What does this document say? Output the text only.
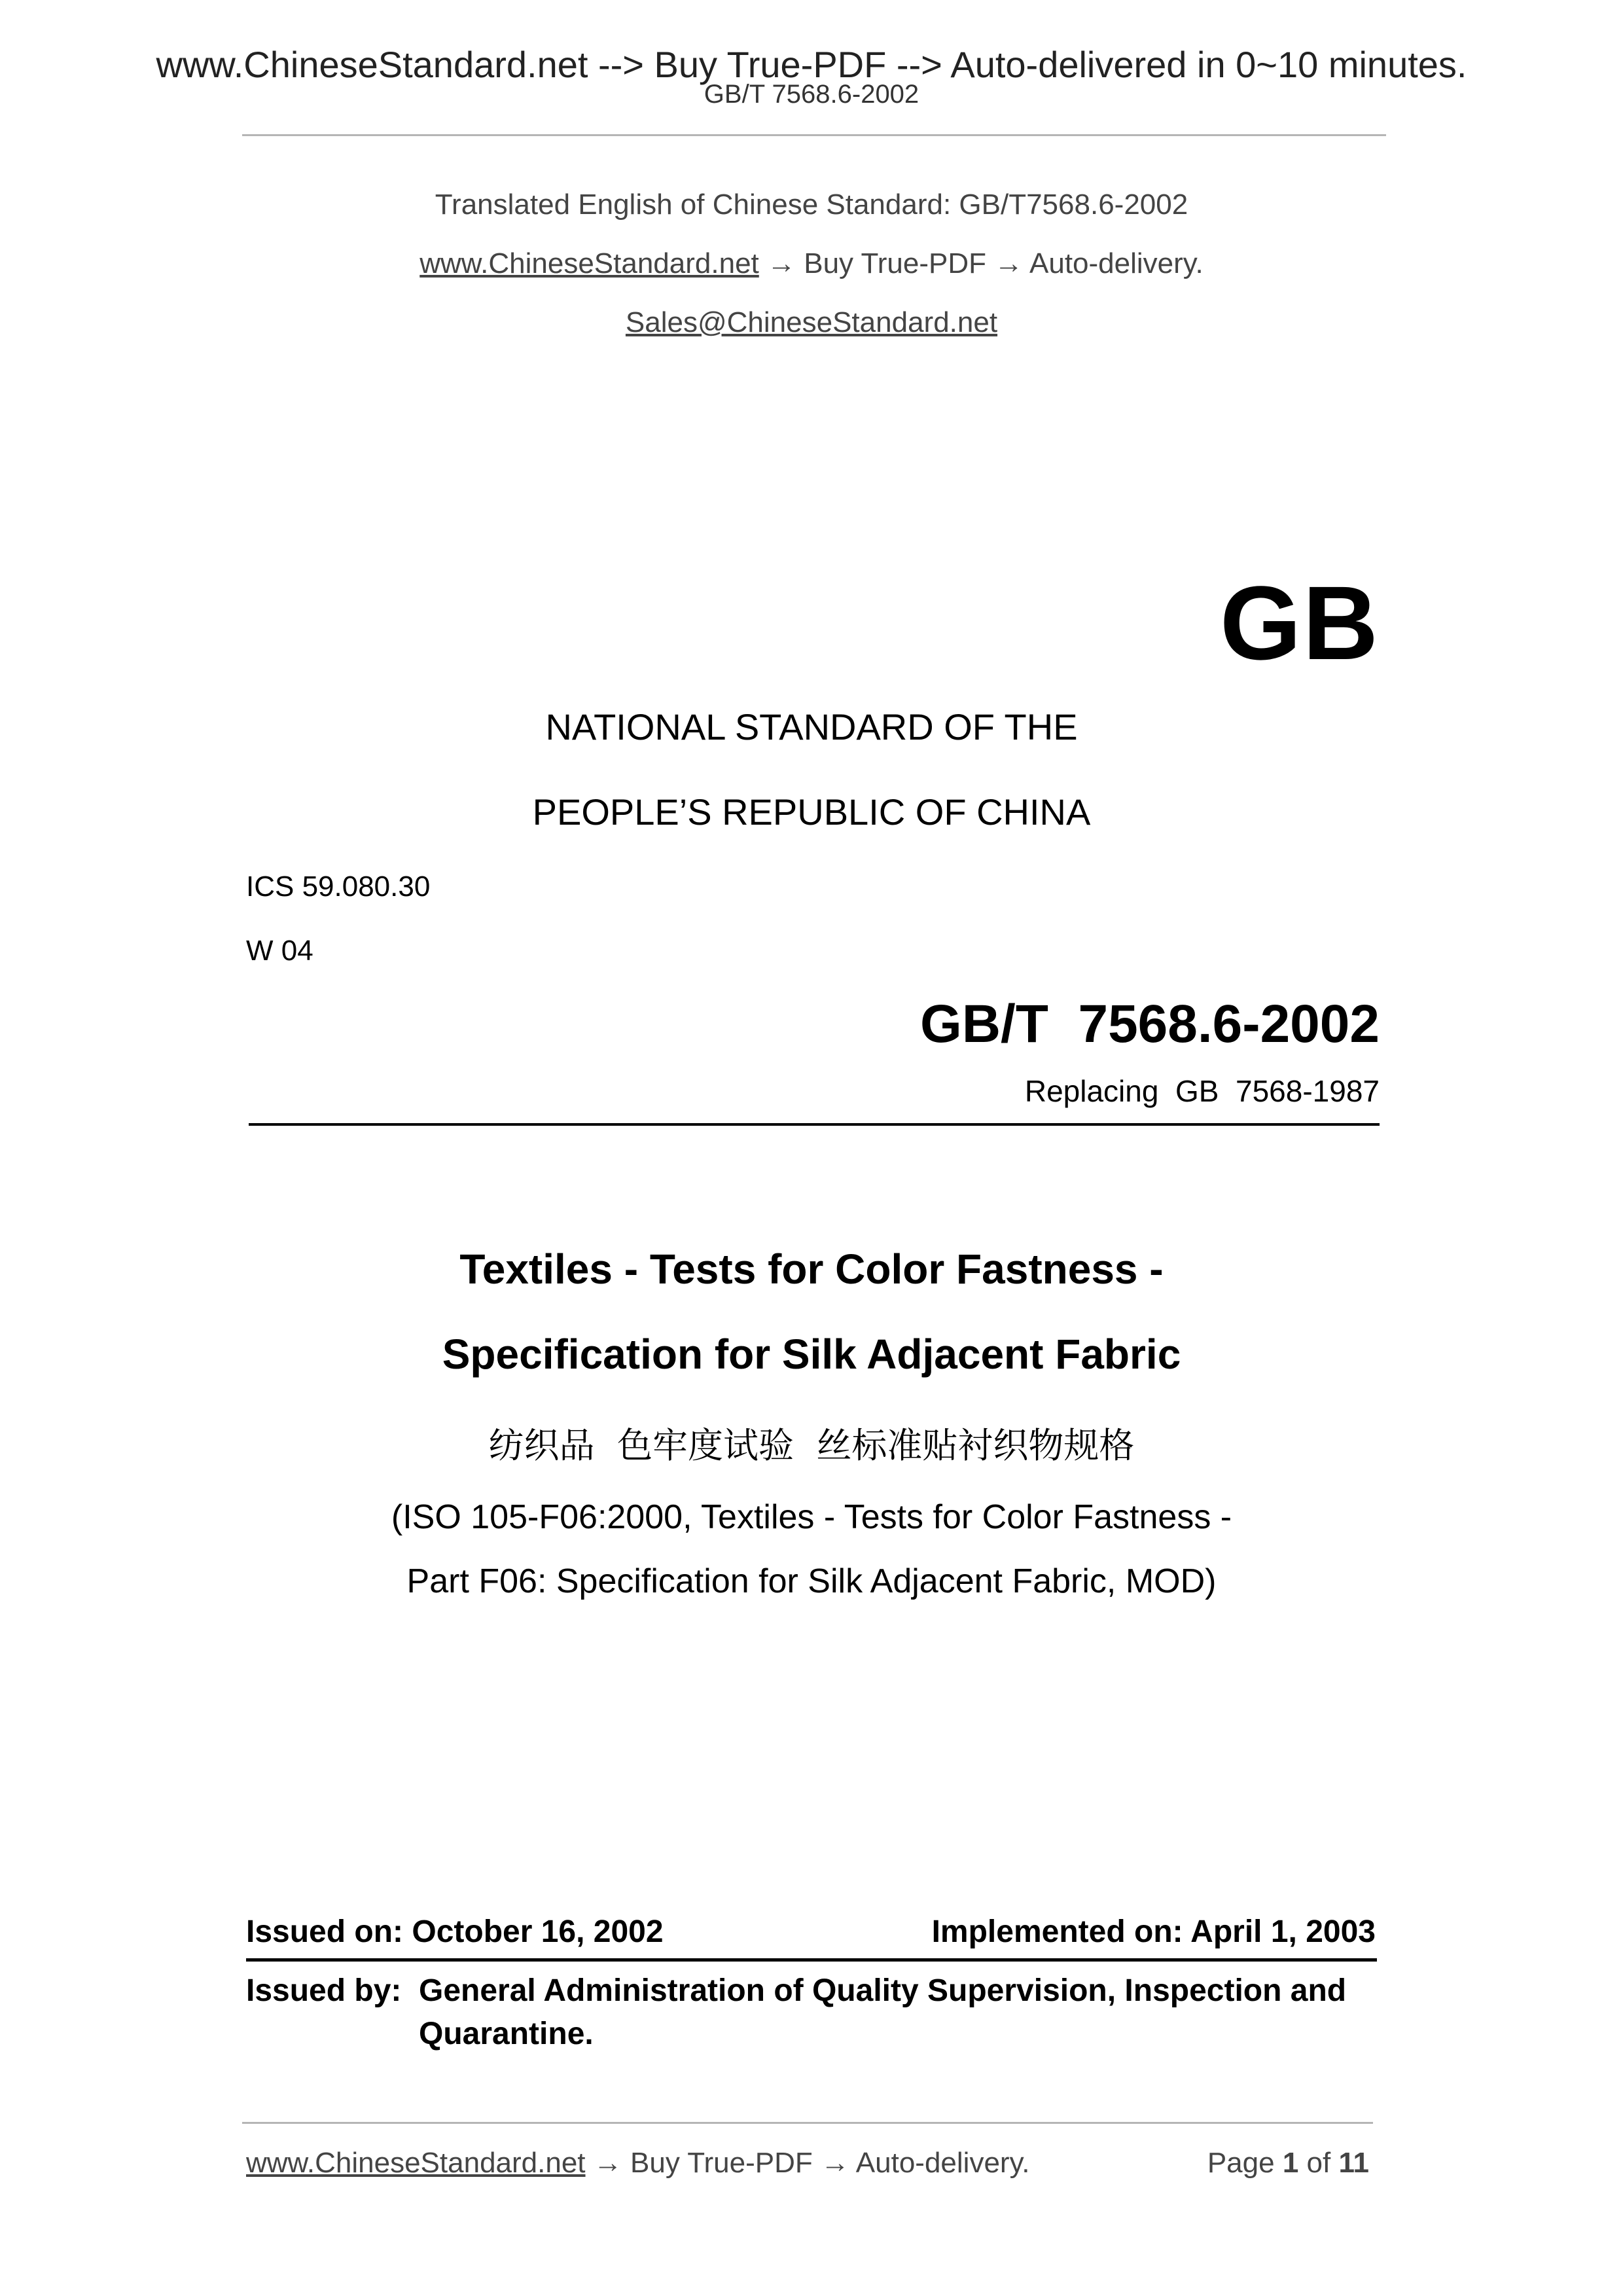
www.ChineseStandard.net --> Buy True-PDF --> Auto-delivered in 0~10 minutes.
GB/T 7568.6-2002
Translated English of Chinese Standard: GB/T7568.6-2002
www.ChineseStandard.net → Buy True-PDF → Auto-delivery.
Sales@ChineseStandard.net
GB
NATIONAL STANDARD OF THE
PEOPLE’S REPUBLIC OF CHINA
ICS 59.080.30
W 04
GB/T  7568.6-2002
Replacing  GB  7568-1987
Textiles - Tests for Color Fastness -
Specification for Silk Adjacent Fabric
纺织品  色牢度试验  丝标准贴衬织物规格
(ISO 105-F06:2000, Textiles - Tests for Color Fastness -
Part F06: Specification for Silk Adjacent Fabric, MOD)
Issued on: October 16, 2002	Implemented on: April 1, 2003
Issued by: General Administration of Quality Supervision, Inspection and
Quarantine.
www.ChineseStandard.net → Buy True-PDF → Auto-delivery.	Page 1 of 11
